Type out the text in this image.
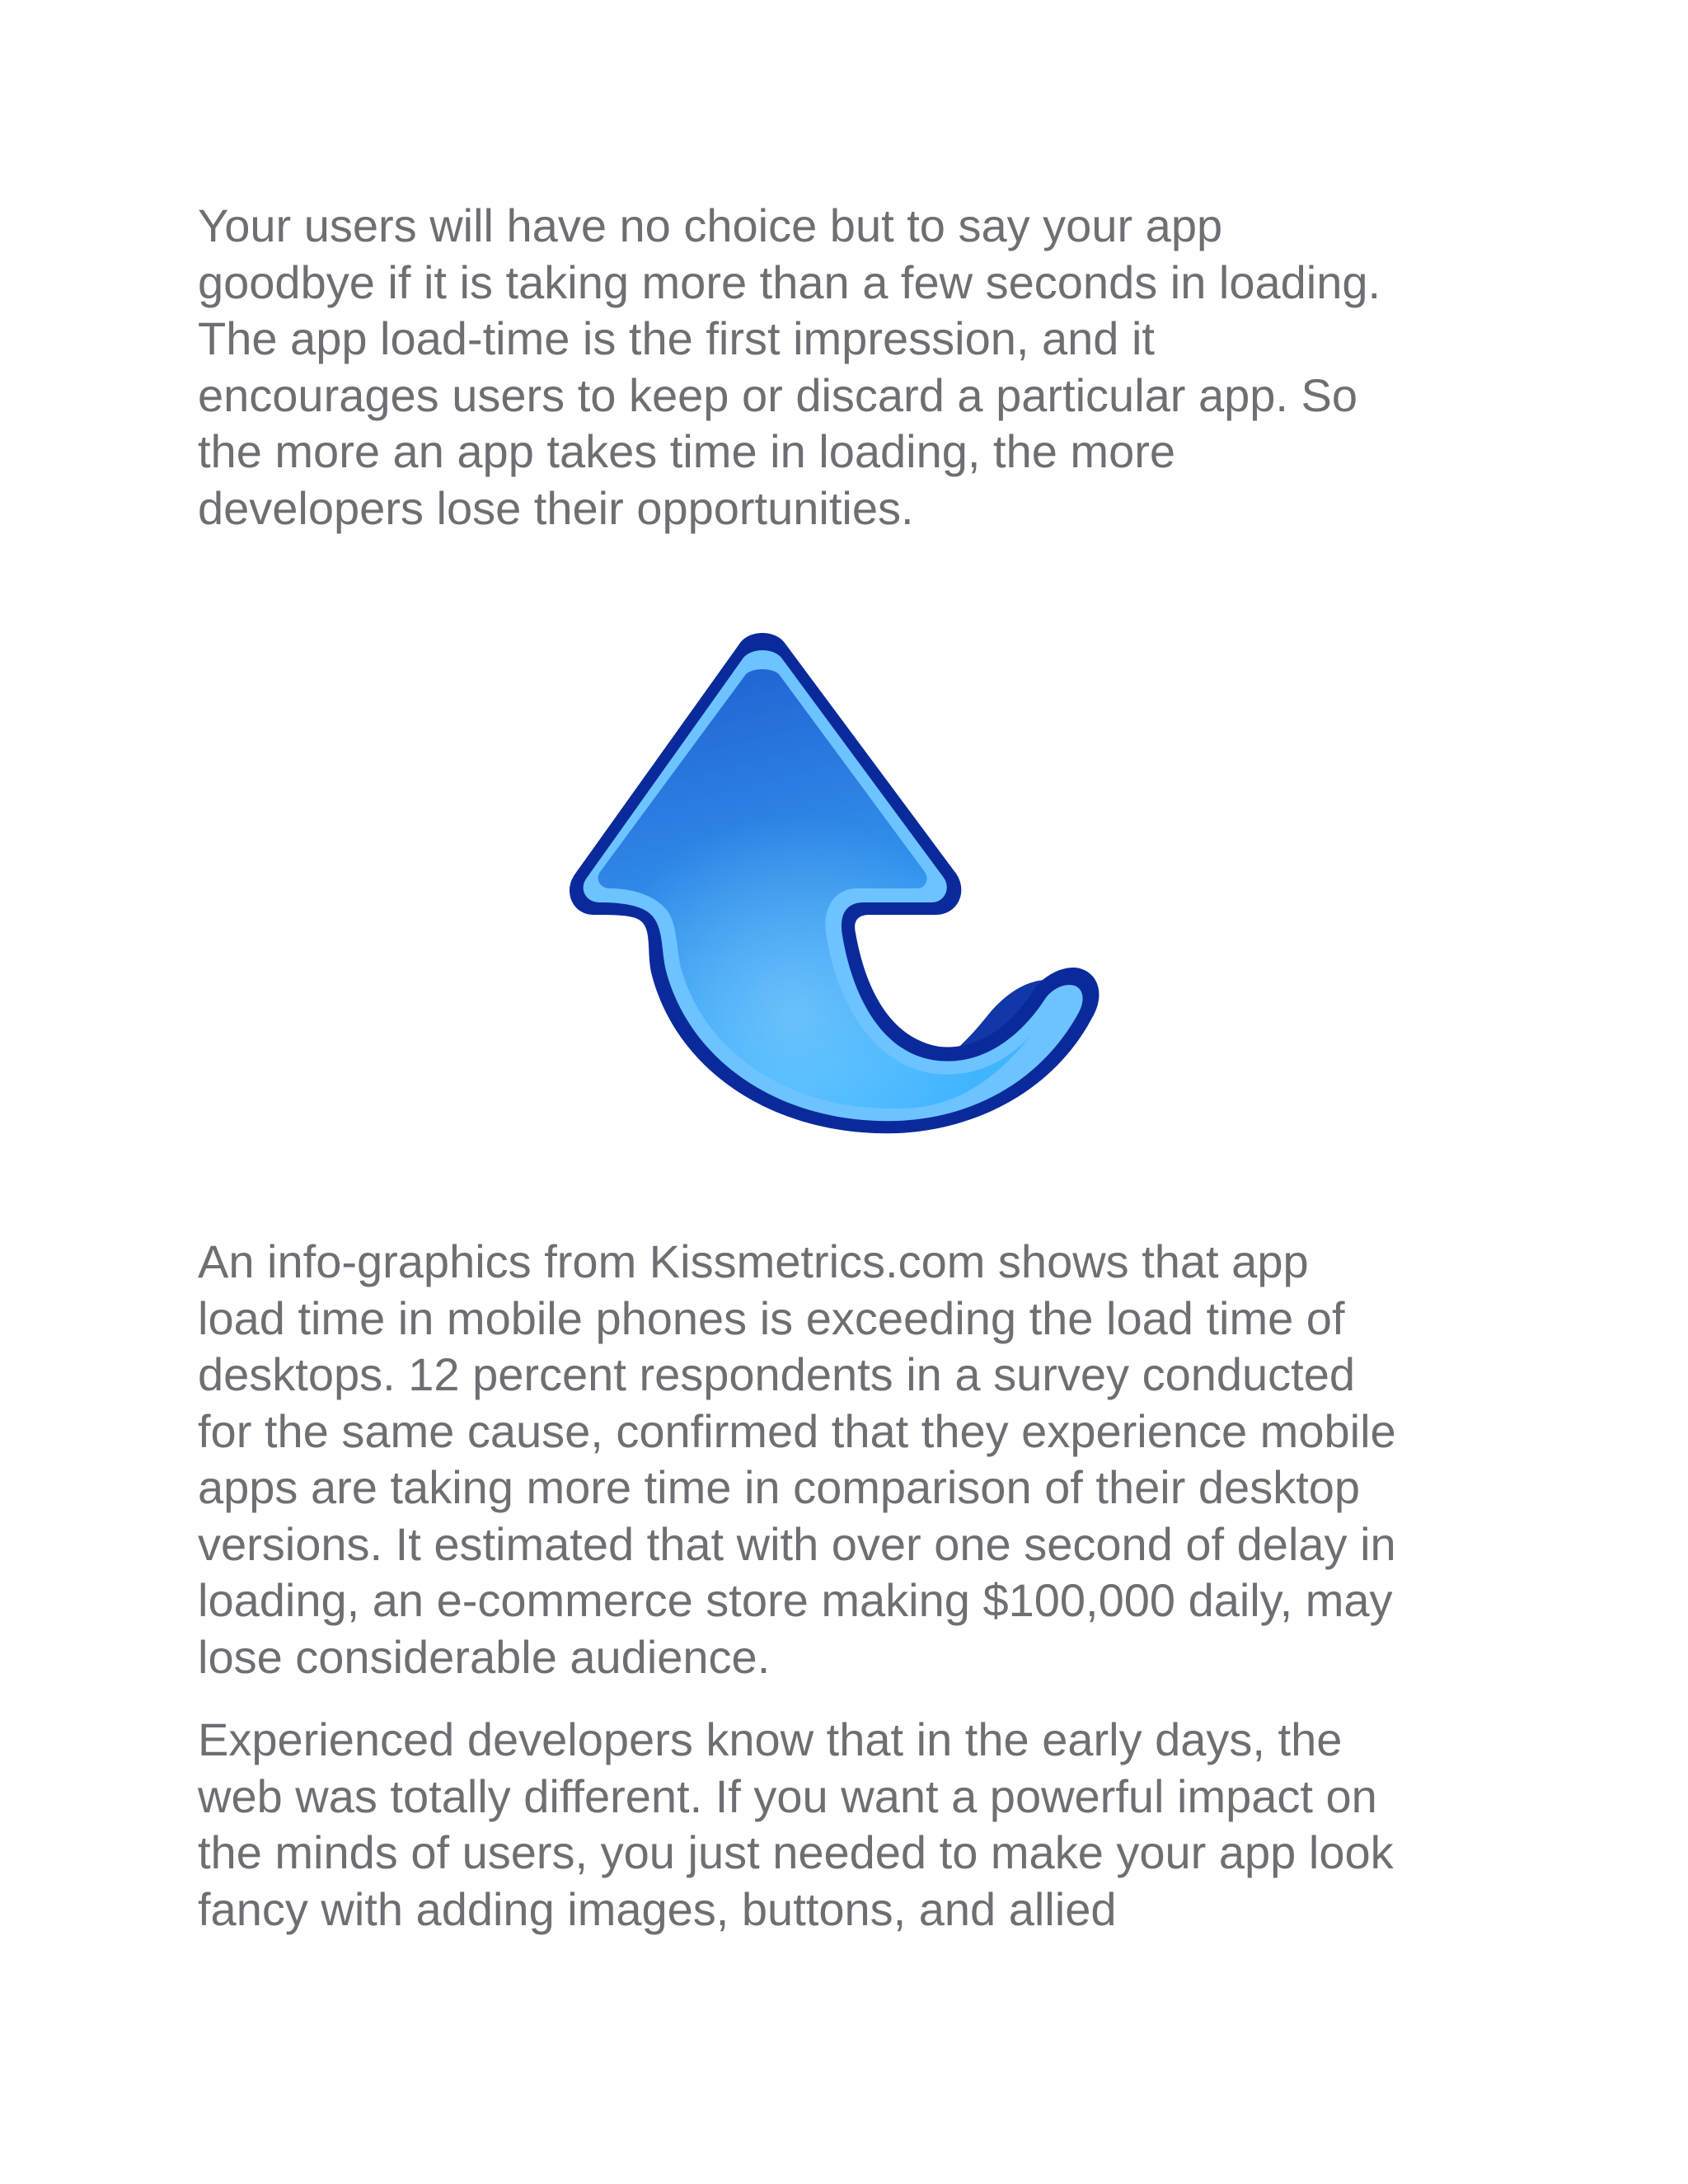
Your users will have no choice but to say your app
goodbye if it is taking more than a few seconds in loading.
The app load-time is the first impression, and it
encourages users to keep or discard a particular app. So
the more an app takes time in loading, the more
developers lose their opportunities.
An info-graphics from Kissmetrics.com shows that app
load time in mobile phones is exceeding the load time of
desktops. 12 percent respondents in a survey conducted
for the same cause, confirmed that they experience mobile
apps are taking more time in comparison of their desktop
versions. It estimated that with over one second of delay in
loading, an e-commerce store making $100,000 daily, may
lose considerable audience.
Experienced developers know that in the early days, the
web was totally different. If you want a powerful impact on
the minds of users, you just needed to make your app look
fancy with adding images, buttons, and allied
